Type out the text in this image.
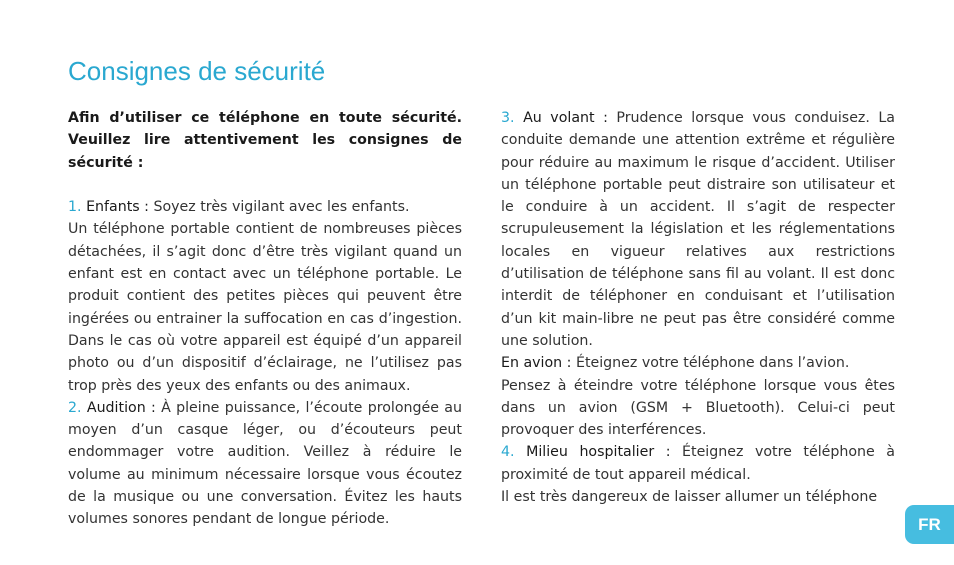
Consignes de sécurité

Afin d’utiliser ce téléphone en toute sécurité. Veuillez lire attentivement les consignes de sécurité :

1. Enfants : Soyez très vigilant avec les enfants.

Un téléphone portable contient de nombreuses pièces détachées, il s’agit donc d’être très vigilant quand un enfant est en contact avec un téléphone portable. Le produit contient des petites pièces qui peuvent être ingérées ou entrainer la suffocation en cas d’ingestion. Dans le cas où votre appareil est équipé d’un appareil photo ou d’un dispositif d’éclairage, ne l’utilisez pas trop près des yeux des enfants ou des animaux.

2. Audition : À pleine puissance, l’écoute prolongée au moyen d’un casque léger, ou d’écouteurs peut endommager votre audition. Veillez à réduire le volume au minimum nécessaire lorsque vous écoutez de la musique ou une conversation. Évitez les hauts volumes sonores pendant de longue période.

3. Au volant : Prudence lorsque vous conduisez. La conduite demande une attention extrême et régulière pour réduire au maximum le risque d’accident. Utiliser un téléphone portable peut distraire son utilisateur et le conduire à un accident. Il s’agit de respecter scrupuleusement la législation et les réglementations locales en vigueur relatives aux restrictions d’utilisation de téléphone sans fil au volant. Il est donc interdit de téléphoner en conduisant et l’utilisation d’un kit main-libre ne peut pas être considéré comme une solution.

En avion : Éteignez votre téléphone dans l’avion.

Pensez à éteindre votre téléphone lorsque vous êtes dans un avion (GSM + Bluetooth). Celui-ci peut provoquer des interférences.

4. Milieu hospitalier : Éteignez votre téléphone à proximité de tout appareil médical.

Il est très dangereux de laisser allumer un téléphone

FR
